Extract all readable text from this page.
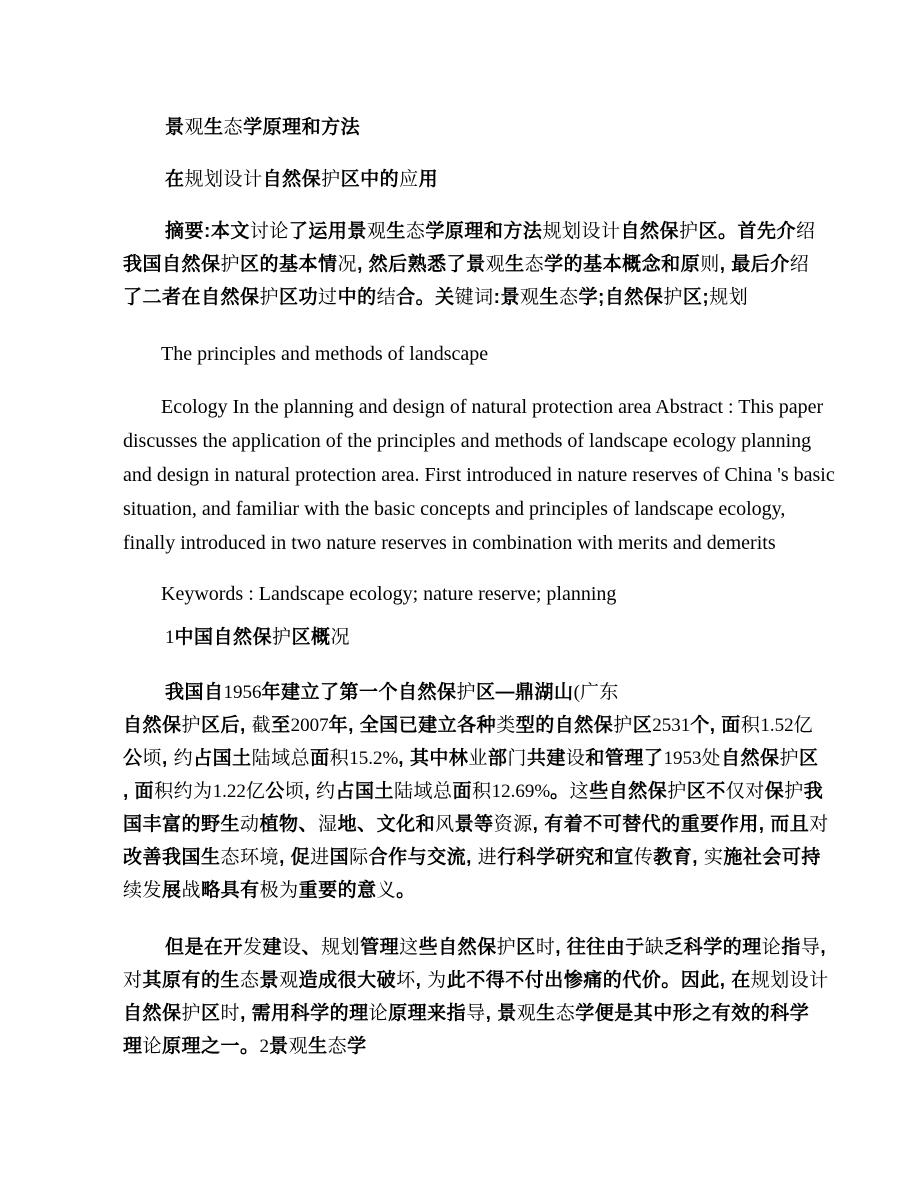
景观生态学原理和方法
在规划设计自然保护区中的应用
摘要:本文讨论了运用景观生态学原理和方法规划设计自然保护区。首先介绍
我国自然保护区的基本情况, 然后熟悉了景观生态学的基本概念和原则, 最后介绍
了二者在自然保护区功过中的结合。关键词:景观生态学;自然保护区;规划
The principles and methods of landscape
Ecology In the planning and design of natural protection area Abstract : This paper
discusses the application of the principles and methods of landscape ecology planning
and design in natural protection area. First introduced in nature reserves of China 's basic
situation, and familiar with the basic concepts and principles of landscape ecology,
finally introduced in two nature reserves in combination with merits and demerits
Keywords : Landscape ecology; nature reserve; planning
1中国自然保护区概况
我国自1956年建立了第一个自然保护区—鼎湖山(广东
自然保护区后, 截至2007年, 全国已建立各种类型的自然保护区2531个, 面积1.52亿
公顷, 约占国土陆域总面积15.2%, 其中林业部门共建设和管理了1953处自然保护区
, 面积约为1.22亿公顷, 约占国土陆域总面积12.69%。这些自然保护区不仅对保护我
国丰富的野生动植物、湿地、文化和风景等资源, 有着不可替代的重要作用, 而且对
改善我国生态环境, 促进国际合作与交流, 进行科学研究和宣传教育, 实施社会可持
续发展战略具有极为重要的意义。
但是在开发建设、规划管理这些自然保护区时, 往往由于缺乏科学的理论指导,
对其原有的生态景观造成很大破坏, 为此不得不付出惨痛的代价。因此, 在规划设计
自然保护区时, 需用科学的理论原理来指导, 景观生态学便是其中形之有效的科学
理论原理之一。2景观生态学
